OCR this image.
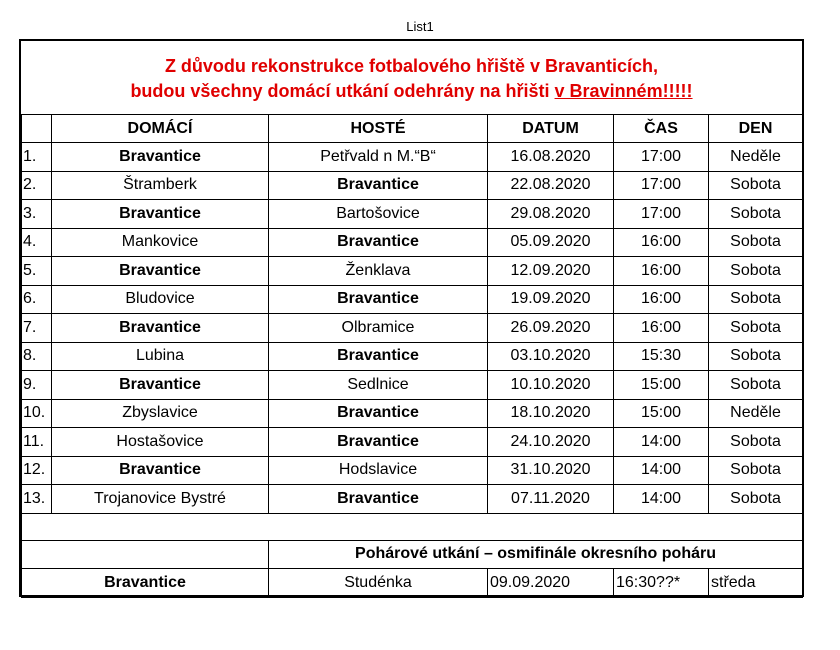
List1
Z důvodu rekonstrukce fotbalového hřiště v Bravanticích,
budou všechny domácí utkání odehrány na hřišti v Bravinném!!!!!
	DOMÁCÍ	HOSTÉ	DATUM	ČAS	DEN
1.	Bravantice	Petřvald n M.“B“	16.08.2020	17:00	Neděle
2.	Štramberk	Bravantice	22.08.2020	17:00	Sobota
3.	Bravantice	Bartošovice	29.08.2020	17:00	Sobota
4.	Mankovice	Bravantice	05.09.2020	16:00	Sobota
5.	Bravantice	Ženklava	12.09.2020	16:00	Sobota
6.	Bludovice	Bravantice	19.09.2020	16:00	Sobota
7.	Bravantice	Olbramice	26.09.2020	16:00	Sobota
8.	Lubina	Bravantice	03.10.2020	15:30	Sobota
9.	Bravantice	Sedlnice	10.10.2020	15:00	Sobota
10.	Zbyslavice	Bravantice	18.10.2020	15:00	Neděle
11.	Hostašovice	Bravantice	24.10.2020	14:00	Sobota
12.	Bravantice	Hodslavice	31.10.2020	14:00	Sobota
13.	Trojanovice Bystré	Bravantice	07.11.2020	14:00	Sobota

		Pohárové utkání – osmifinále okresního poháru			
Bravantice		Studénka	09.09.2020	16:30??*	středa
